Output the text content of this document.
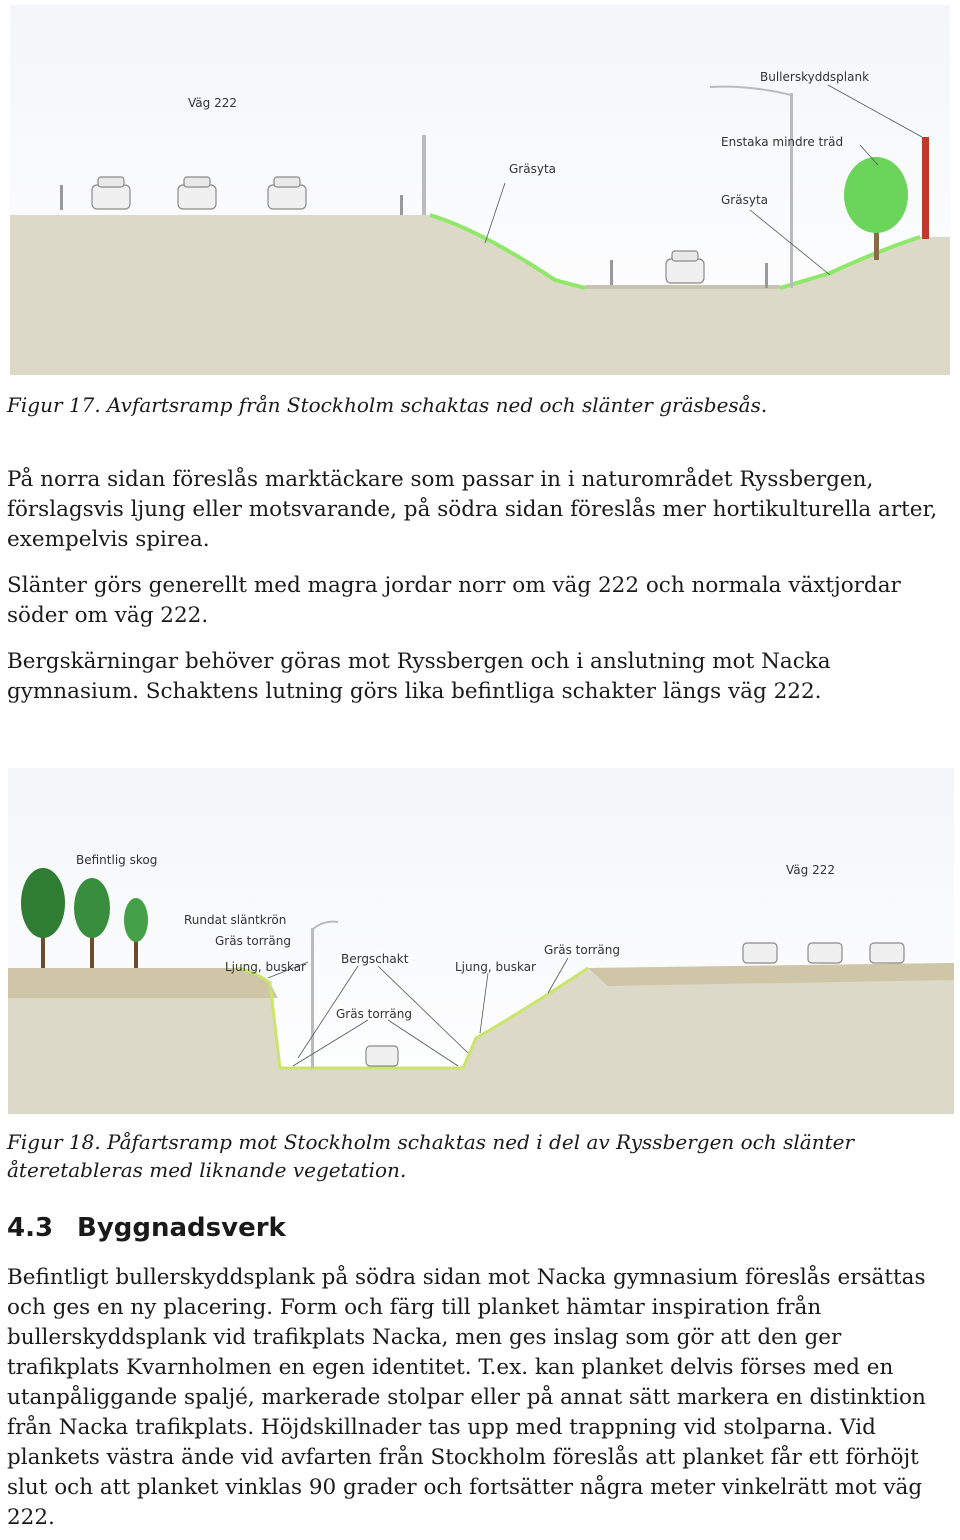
Väg 222
Bullerskyddsplank
Enstaka mindre träd
Gräsyta
Gräsyta
Figur 17. Avfartsramp från Stockholm schaktas ned och slänter gräsbesås.

På norra sidan föreslås marktäckare som passar in i naturområdet Ryssbergen, förslagsvis ljung eller motsvarande, på södra sidan föreslås mer hortikulturella arter, exempelvis spirea.

Slänter görs generellt med magra jordar norr om väg 222 och normala växtjordar söder om väg 222.

Bergskärningar behöver göras mot Ryssbergen och i anslutning mot Nacka gymnasium. Schaktens lutning görs lika befintliga schakter längs väg 222.

Befintlig skog
Väg 222
Rundat släntkrön
Gräs torräng
Ljung, buskar
Bergschakt
Ljung, buskar
Gräs torräng
Gräs torräng
Figur 18. Påfartsramp mot Stockholm schaktas ned i del av Ryssbergen och slänter återetableras med liknande vegetation.
4.3 Byggnadsverk

Befintligt bullerskyddsplank på södra sidan mot Nacka gymnasium föreslås ersättas och ges en ny placering. Form och färg till planket hämtar inspiration från bullerskyddsplank vid trafikplats Nacka, men ges inslag som gör att den ger trafikplats Kvarnholmen en egen identitet. T.ex. kan planket delvis förses med en utanpåliggande spaljé, markerade stolpar eller på annat sätt markera en distinktion från Nacka trafikplats. Höjdskillnader tas upp med trappning vid stolparna. Vid plankets västra ände vid avfarten från Stockholm föreslås att planket får ett förhöjt slut och att planket vinklas 90 grader och fortsätter några meter vinkelrätt mot väg 222.
